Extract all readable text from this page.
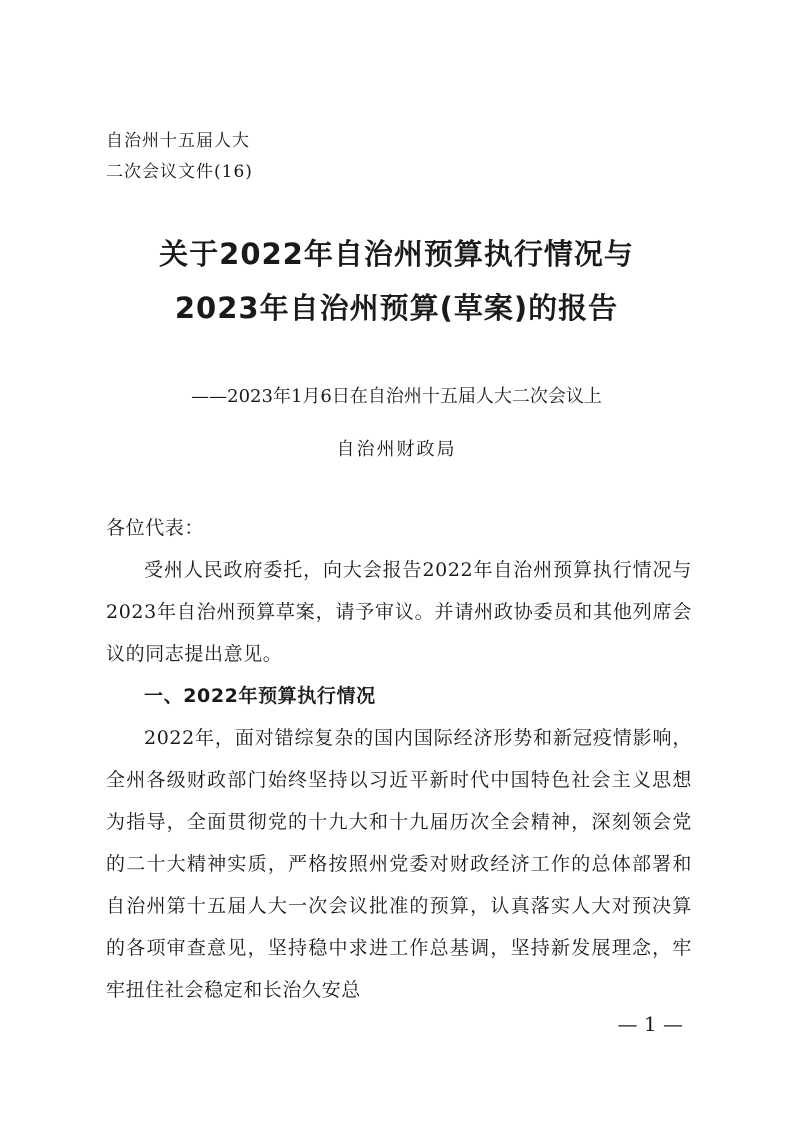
自治州十五届人大
二次会议文件(16)
关于2022年自治州预算执行情况与
2023年自治州预算(草案)的报告
——2023年1月6日在自治州十五届人大二次会议上
自治州财政局

各位代表：

受州人民政府委托，向大会报告2022年自治州预算执行情况与2023年自治州预算草案，请予审议。并请州政协委员和其他列席会议的同志提出意见。

一、2022年预算执行情况

2022年，面对错综复杂的国内国际经济形势和新冠疫情影响，全州各级财政部门始终坚持以习近平新时代中国特色社会主义思想为指导，全面贯彻党的十九大和十九届历次全会精神，深刻领会党的二十大精神实质，严格按照州党委对财政经济工作的总体部署和自治州第十五届人大一次会议批准的预算，认真落实人大对预决算的各项审查意见，坚持稳中求进工作总基调，坚持新发展理念，牢牢扭住社会稳定和长治久安总

— 1 —
